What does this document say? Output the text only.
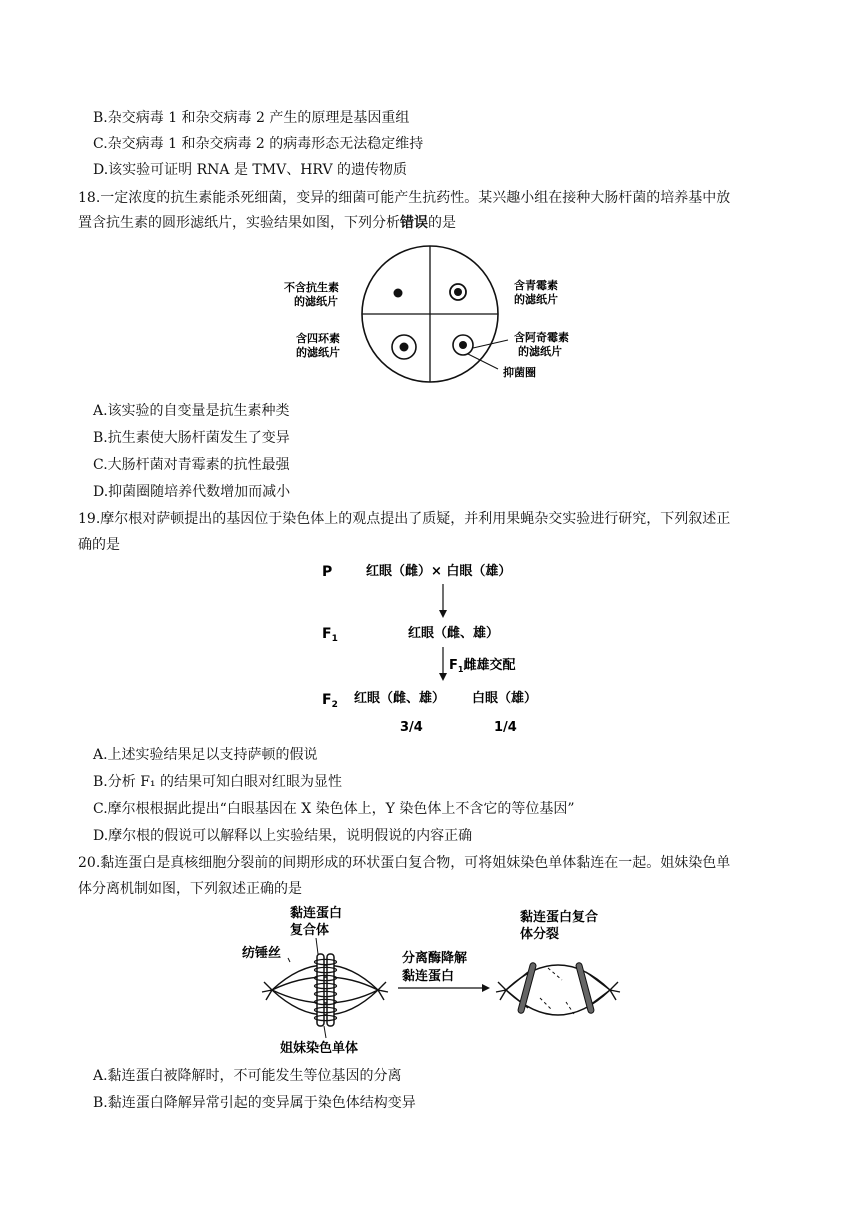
B.杂交病毒 1 和杂交病毒 2 产生的原理是基因重组
C.杂交病毒 1 和杂交病毒 2 的病毒形态无法稳定维持
D.该实验可证明 RNA 是 TMV、HRV 的遗传物质
18.一定浓度的抗生素能杀死细菌，变异的细菌可能产生抗药性。某兴趣小组在接种大肠杆菌的培养基中放
置含抗生素的圆形滤纸片，实验结果如图，下列分析错误的是
不含抗生素
的滤纸片
含青霉素
的滤纸片
含四环素
的滤纸片
含阿奇霉素
的滤纸片
抑菌圈
A.该实验的自变量是抗生素种类
B.抗生素使大肠杆菌发生了变异
C.大肠杆菌对青霉素的抗性最强
D.抑菌圈随培养代数增加而减小
19.摩尔根对萨顿提出的基因位于染色体上的观点提出了质疑，并利用果蝇杂交实验进行研究，下列叙述正
确的是
P	红眼（雌）× 白眼（雄）
$F_1$	红眼（雌、雄）
$F_1$雌雄交配
$F_2$ 红眼（雌、雄） 白眼（雄）
3/4	1/4
A.上述实验结果足以支持萨顿的假说
B.分析 F₁ 的结果可知白眼对红眼为显性
C.摩尔根根据此提出“白眼基因在 X 染色体上，Y 染色体上不含它的等位基因”
D.摩尔根的假说可以解释以上实验结果，说明假说的内容正确
20.黏连蛋白是真核细胞分裂前的间期形成的环状蛋白复合物，可将姐妹染色单体黏连在一起。姐妹染色单
体分离机制如图，下列叙述正确的是
黏连蛋白
复合体
纺锤丝	分离酶降解
黏连蛋白
黏连蛋白复合
体分裂
姐妹染色单体
A.黏连蛋白被降解时，不可能发生等位基因的分离
B.黏连蛋白降解异常引起的变异属于染色体结构变异
